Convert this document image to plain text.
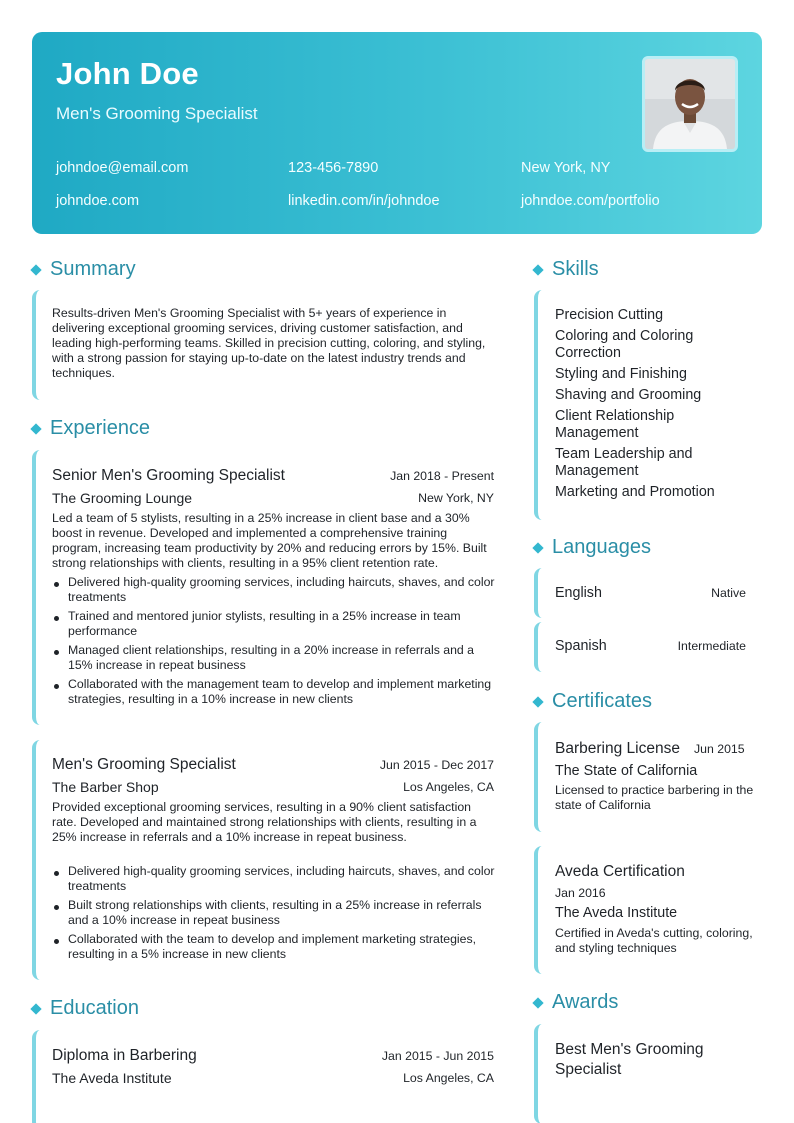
John Doe
Men's Grooming Specialist
johndoe@email.com	123-456-7890	New York, NY
johndoe.com	linkedin.com/in/johndoe	johndoe.com/portfolio
Summary
Results-driven Men's Grooming Specialist with 5+ years of experience in delivering exceptional grooming services, driving customer satisfaction, and leading high-performing teams. Skilled in precision cutting, coloring, and styling, with a strong passion for staying up-to-date on the latest industry trends and techniques.
Experience
Senior Men's Grooming Specialist	Jan 2018 - Present
The Grooming Lounge	New York, NY
Led a team of 5 stylists, resulting in a 25% increase in client base and a 30% boost in revenue. Developed and implemented a comprehensive training program, increasing team productivity by 20% and reducing errors by 15%. Built strong relationships with clients, resulting in a 95% client retention rate.
Delivered high-quality grooming services, including haircuts, shaves, and color treatments
Trained and mentored junior stylists, resulting in a 25% increase in team performance
Managed client relationships, resulting in a 20% increase in referrals and a 15% increase in repeat business
Collaborated with the management team to develop and implement marketing strategies, resulting in a 10% increase in new clients
Men's Grooming Specialist	Jun 2015 - Dec 2017
The Barber Shop	Los Angeles, CA
Provided exceptional grooming services, resulting in a 90% client satisfaction rate. Developed and maintained strong relationships with clients, resulting in a 25% increase in referrals and a 10% increase in repeat business.
Delivered high-quality grooming services, including haircuts, shaves, and color treatments
Built strong relationships with clients, resulting in a 25% increase in referrals and a 10% increase in repeat business
Collaborated with the team to develop and implement marketing strategies, resulting in a 5% increase in new clients
Education
Diploma in Barbering	Jan 2015 - Jun 2015
The Aveda Institute	Los Angeles, CA
Skills
Precision Cutting
Coloring and Coloring Correction
Styling and Finishing
Shaving and Grooming
Client Relationship Management
Team Leadership and Management
Marketing and Promotion
Languages
English	Native
Spanish	Intermediate
Certificates
Barbering License Jun 2015
The State of California
Licensed to practice barbering in the state of California
Aveda Certification
Jan 2016
The Aveda Institute
Certified in Aveda's cutting, coloring, and styling techniques
Awards
Best Men's Grooming Specialist
